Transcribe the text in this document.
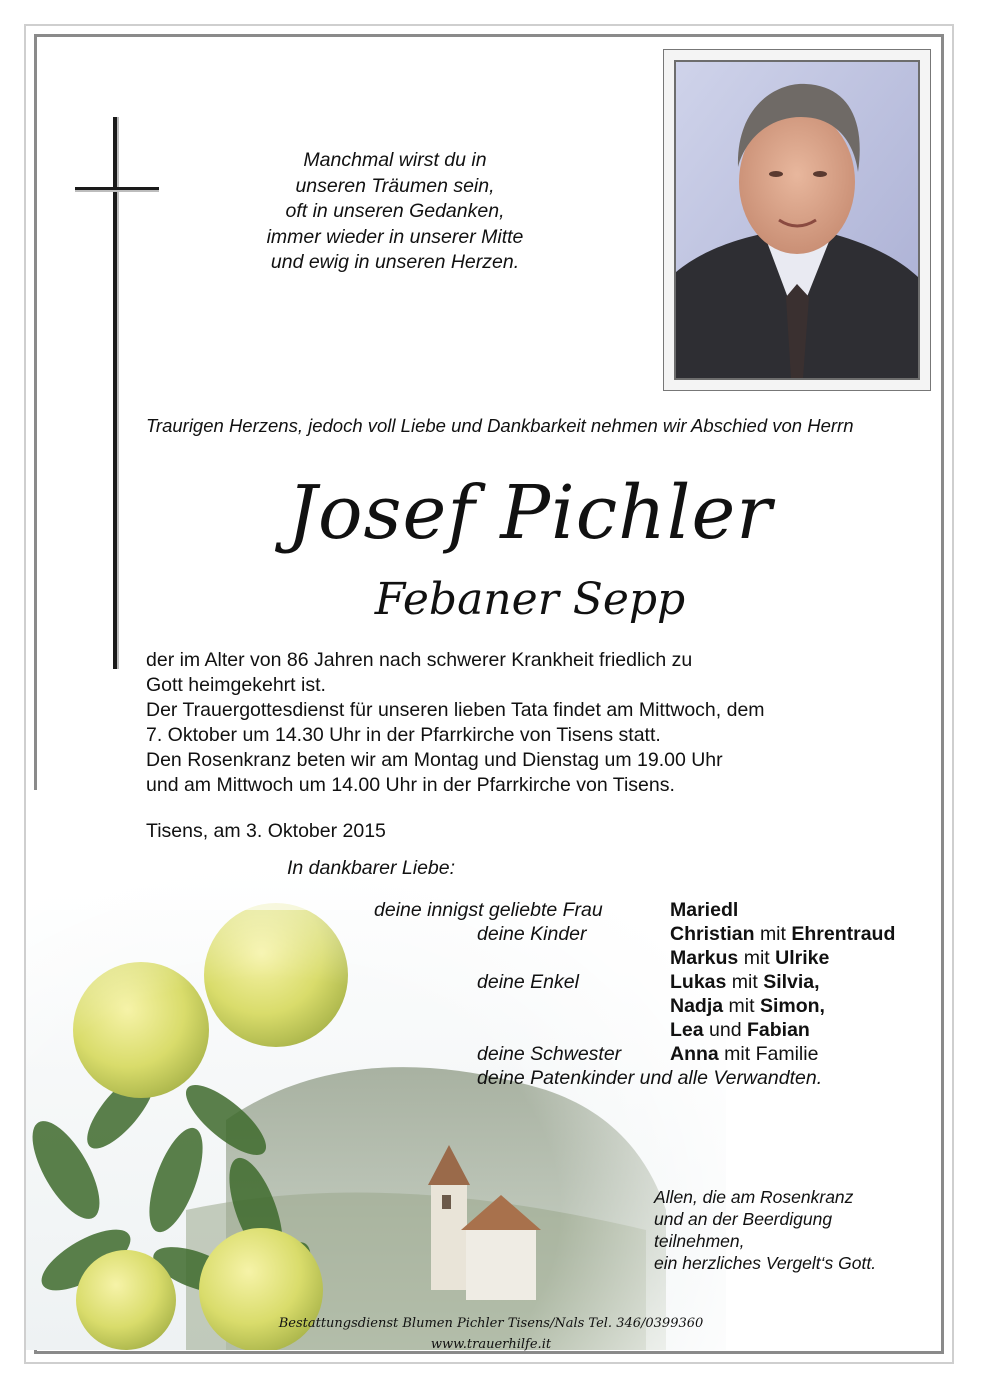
Manchmal wirst du in
unseren Träumen sein,
oft in unseren Gedanken,
immer wieder in unserer Mitte
und ewig in unseren Herzen.
Traurigen Herzens, jedoch voll Liebe und Dankbarkeit nehmen wir Abschied von Herrn
Josef Pichler
Febaner Sepp
der im Alter von 86 Jahren nach schwerer Krankheit friedlich zu
Gott heimgekehrt ist.
Der Trauergottesdienst für unseren lieben Tata findet am Mittwoch, dem
7. Oktober um 14.30 Uhr in der Pfarrkirche von Tisens statt.
Den Rosenkranz beten wir am Montag und Dienstag um 19.00 Uhr
und am Mittwoch um 14.00 Uhr in der Pfarrkirche von Tisens.
Tisens, am 3. Oktober 2015
In dankbarer Liebe:
deine innigst geliebte Frau	Mariedl
deine Kinder	Christian mit Ehrentraud
Markus mit Ulrike
deine Enkel	Lukas mit Silvia,
Nadja mit Simon,
Lea und Fabian
deine Schwester	Anna mit Familie
deine Patenkinder und alle Verwandten.
Allen, die am Rosenkranz
und an der Beerdigung
teilnehmen,
ein herzliches Vergelt‘s Gott.
Bestattungsdienst Blumen Pichler Tisens/Nals Tel. 346/0399360
www.trauerhilfe.it
